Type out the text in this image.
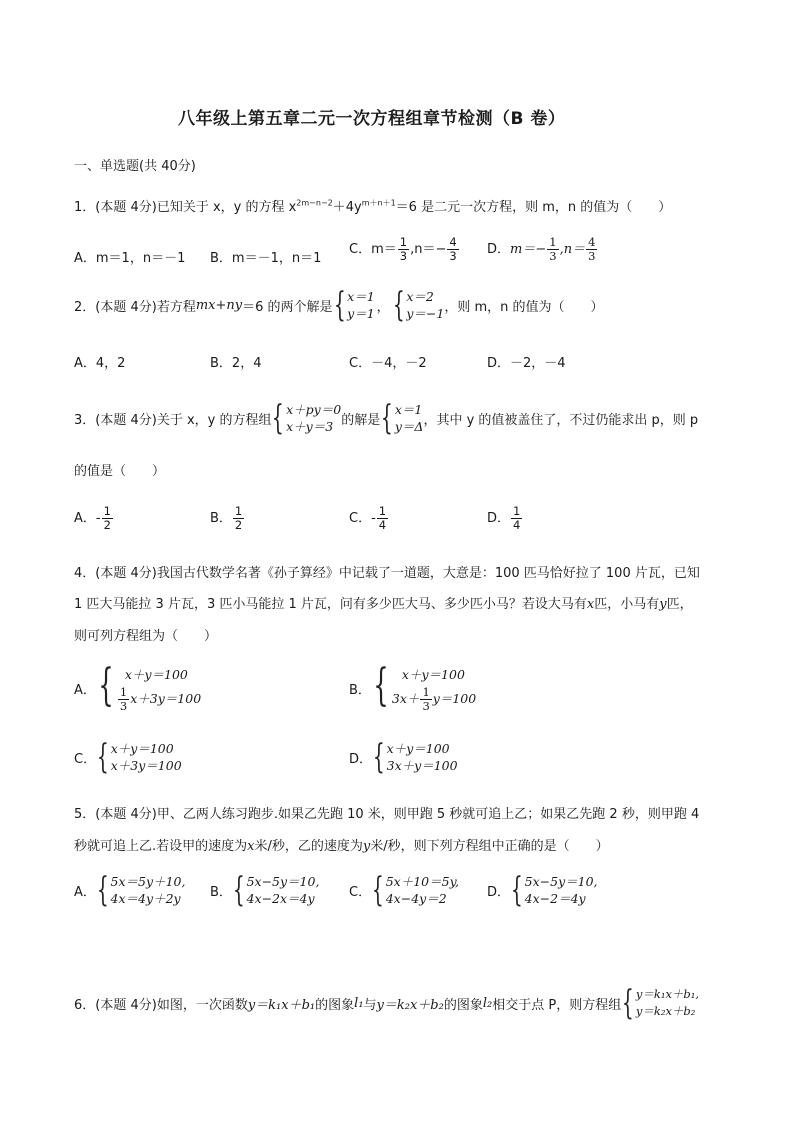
八年级上第五章二元一次方程组章节检测（B 卷）
一、单选题(共 40分)
1．(本题 4分)已知关于 x，y 的方程 $x^{2m-n-2}+4y^{m+n+1}=6$ 是二元一次方程，则 m，n 的值为（　　）
A．m＝1，n＝－1 B．m＝－1，n＝1
C．$m= \frac{1}{3} ,n=- \frac{4}{3}$ D．$m=- \frac{1}{3} ,n= \frac{4}{3}$
2．(本题 4分)若方程 mx+ny ＝6 的两个解是 { x＝1
y＝1 ， { x＝2
y＝−1 ，则 m，n 的值为（　　）
A．4，2	B．2，4	C．－4，－2	D．－2，－4
3．(本题 4分)关于 x，y 的方程组 { x＋py＝0
x＋y＝3 的解是 { x＝1
y＝Δ ，其中 y 的值被盖住了，不过仍能求出 p，则 p
的值是（　　）
A．- $\frac{1}{2}$	B． $\frac{1}{2}$	C．- $\frac{1}{4}$	D． $\frac{1}{4}$
4．(本题 4分)我国古代数学名著《孙子算经》中记载了一道题，大意是：100 匹马恰好拉了 100 片瓦，已知
1 匹大马能拉 3 片瓦，3 匹小马能拉 1 片瓦，问有多少匹大马、多少匹小马？若设大马有x匹，小马有y匹，
则可列方程组为（　　）
A． { x＋y＝100
$\frac{1}{3} x+3y=100$
B． {	x＋y＝100
$3x+ \frac{1}{3} y=100$
C． { x＋y＝100
x＋3y＝100	D． { x＋y＝100
3x＋y＝100
5．(本题 4分)甲、乙两人练习跑步.如果乙先跑 10 米，则甲跑 5 秒就可追上乙；如果乙先跑 2 秒，则甲跑 4
秒就可追上乙.若设甲的速度为x米/秒，乙的速度为y米/秒，则下列方程组中正确的是（　　）
A． { 5x＝5y＋10,
4x＝4y＋2y	B． { 5x−5y＝10,
4x−2x＝4y	C． { 5x＋10＝5y,
4x−4y＝2	D． { 5x−5y＝10,
4x−2＝4y
6．(本题 4分)如图，一次函数 y＝k₁x＋b₁ 的图象 l₁ 与 y＝k₂x＋b₂ 的图象 l₂ 相交于点 P，则方程组 { y＝k₁x＋b₁,
y＝k₂x＋b₂
